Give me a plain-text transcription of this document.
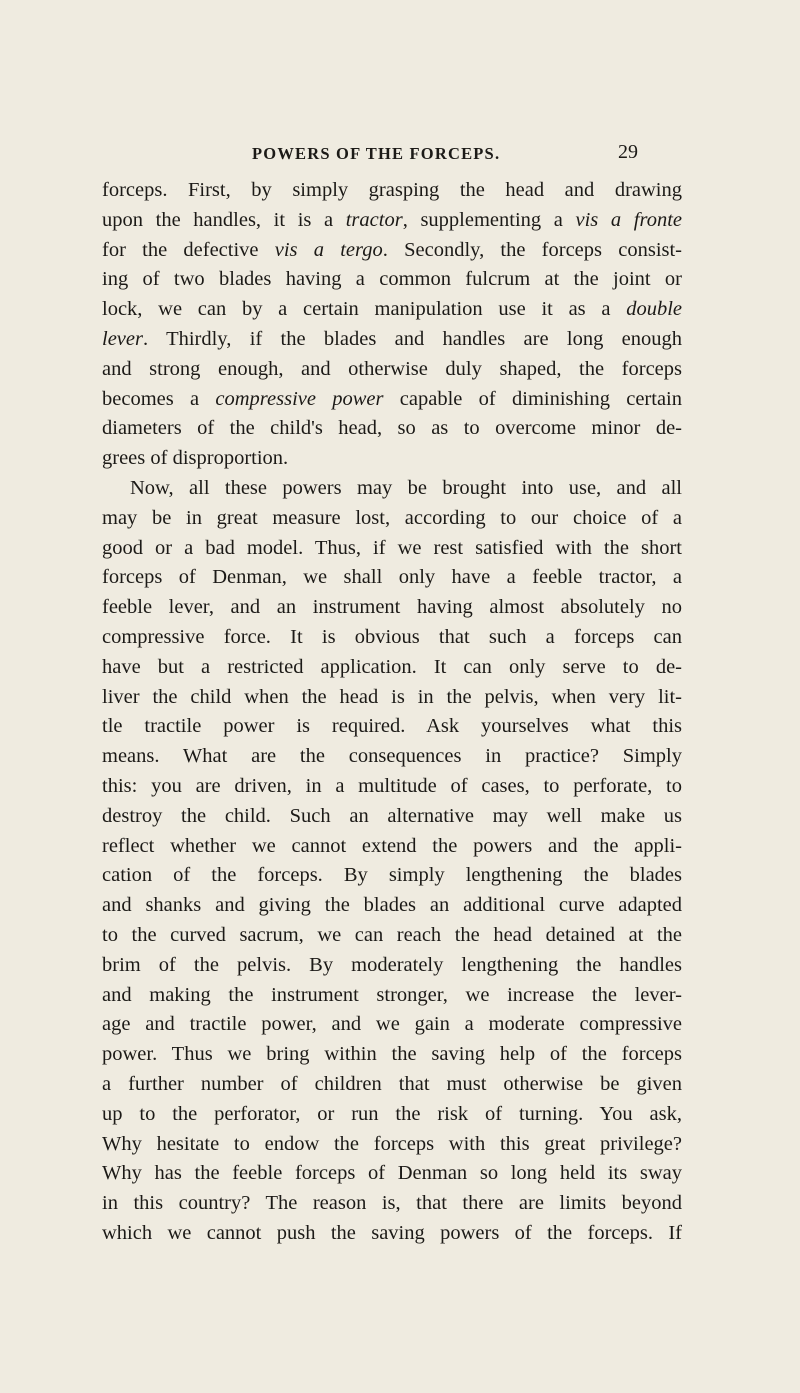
POWERS OF THE FORCEPS.	29
forceps. First, by simply grasping the head and drawing
upon the handles, it is a tractor, supplementing a vis a fronte
for the defective vis a tergo. Secondly, the forceps consist-
ing of two blades having a common fulcrum at the joint or
lock, we can by a certain manipulation use it as a double
lever. Thirdly, if the blades and handles are long enough
and strong enough, and otherwise duly shaped, the forceps
becomes a compressive power capable of diminishing certain
diameters of the child's head, so as to overcome minor de-
grees of disproportion.
Now, all these powers may be brought into use, and all
may be in great measure lost, according to our choice of a
good or a bad model. Thus, if we rest satisfied with the short
forceps of Denman, we shall only have a feeble tractor, a
feeble lever, and an instrument having almost absolutely no
compressive force. It is obvious that such a forceps can
have but a restricted application. It can only serve to de-
liver the child when the head is in the pelvis, when very lit-
tle tractile power is required. Ask yourselves what this
means. What are the consequences in practice? Simply
this: you are driven, in a multitude of cases, to perforate, to
destroy the child. Such an alternative may well make us
reflect whether we cannot extend the powers and the appli-
cation of the forceps. By simply lengthening the blades
and shanks and giving the blades an additional curve adapted
to the curved sacrum, we can reach the head detained at the
brim of the pelvis. By moderately lengthening the handles
and making the instrument stronger, we increase the lever-
age and tractile power, and we gain a moderate compressive
power. Thus we bring within the saving help of the forceps
a further number of children that must otherwise be given
up to the perforator, or run the risk of turning. You ask,
Why hesitate to endow the forceps with this great privilege?
Why has the feeble forceps of Denman so long held its sway
in this country? The reason is, that there are limits beyond
which we cannot push the saving powers of the forceps. If
